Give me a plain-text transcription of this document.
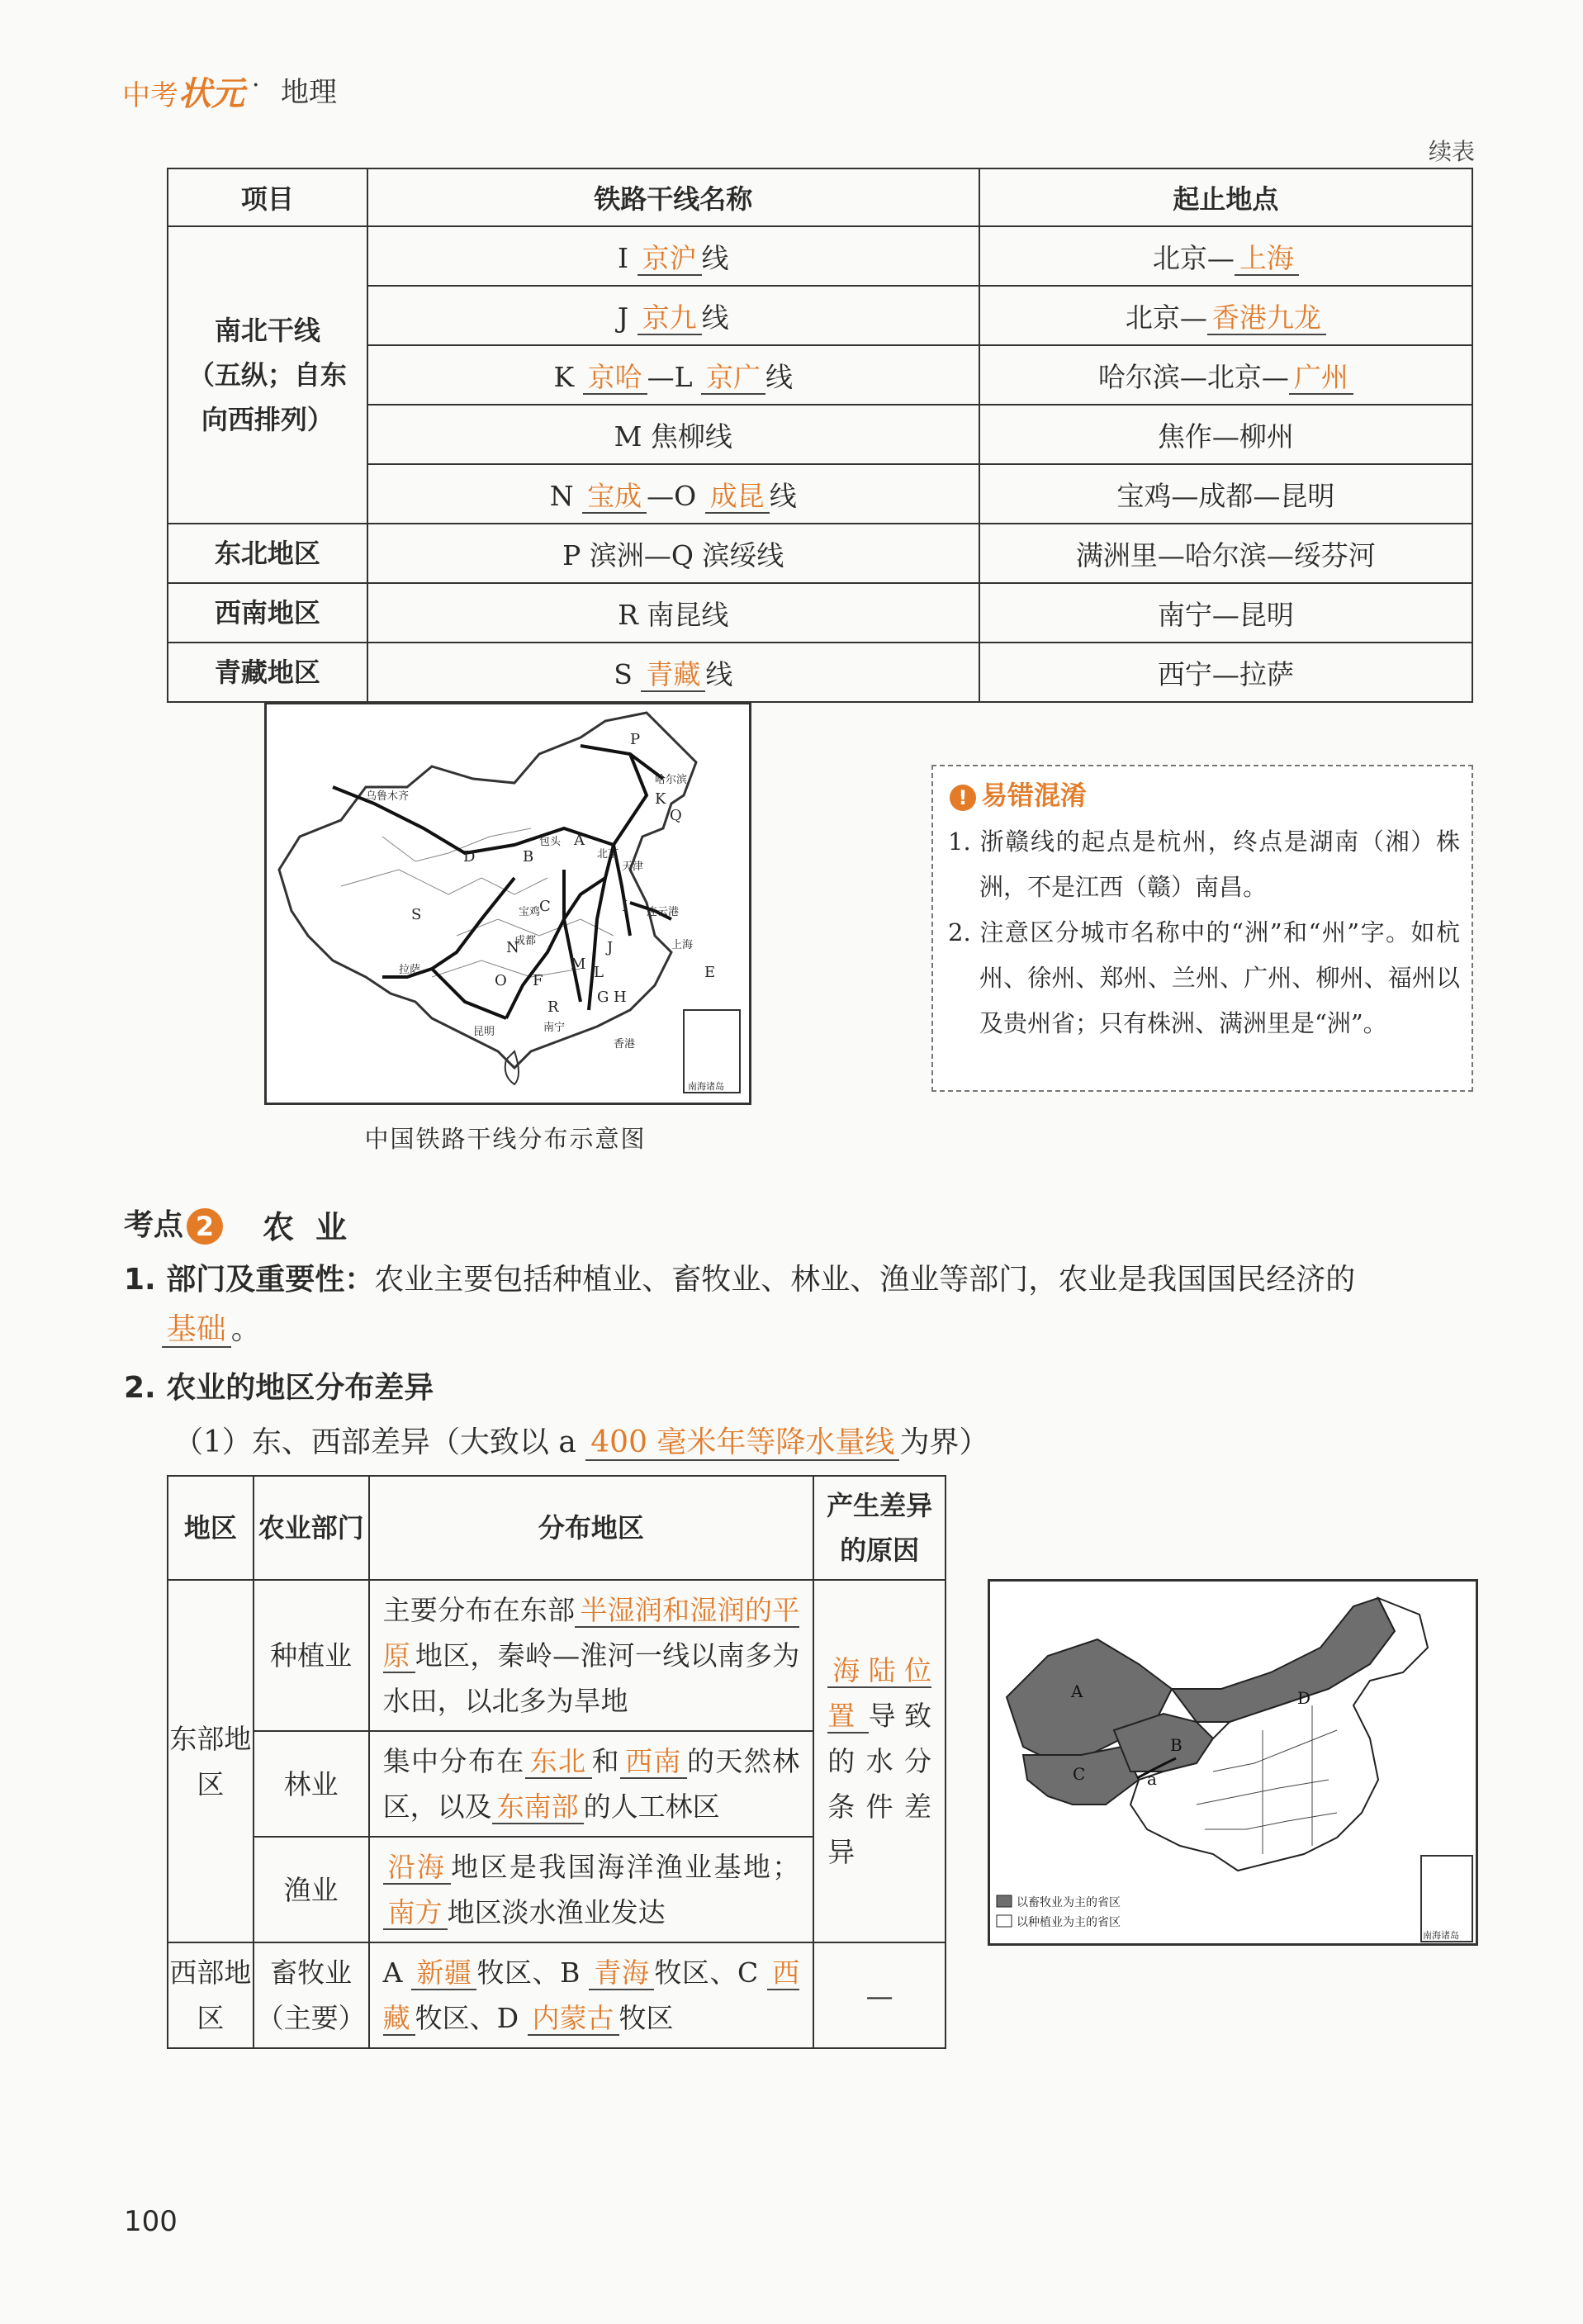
中考状元 · 地理
续表
项目	铁路干线名称	起止地点

南北干线
（五纵；自东
向西排列）	I 京沪 线	北京— 上海
	J 京九 线	北京— 香港九龙
	K 京哈 —L 京广 线	哈尔滨—北京— 广州
	M 焦柳线	焦作—柳州
	N 宝成 —O 成昆 线	宝鸡—成都—昆明
东北地区	P 滨洲—Q 滨绥线	满洲里—哈尔滨—绥芬河
西南地区	R 南昆线	南宁—昆明
青藏地区	S 青藏 线	西宁—拉萨
P
Q
A
B
C
D
E
F
G H
I
J
K
L
M
N
O
R
S
哈尔滨
乌鲁木齐
包头
北京
天津
连云港
上海
宝鸡
拉萨
成都
昆明	南宁
香港
南海诸岛
中国铁路干线分布示意图
! 易错混淆

1. 浙赣线的起点是杭州，终点是湖南（湘）株洲，不是江西（赣）南昌。

2. 注意区分城市名称中的“洲”和“州”字。如杭州、徐州、郑州、兰州、广州、柳州、福州以及贵州省；只有株洲、满洲里是“洲”。

考点 2	农业
1. 部门及重要性：农业主要包括种植业、畜牧业、林业、渔业等部门，农业是我国国民经济的
基础 。
2. 农业的地区分布差异
（1）东、西部差异（大致以 a 400 毫米年等降水量线 为界）
地区	农业部门	分布地区	产生差异的原因
东部地区	种植业	主要分布在东部 半湿润和湿润的平原 地区，秦岭—淮河一线以南多为水田，以北多为旱地	海陆位置 导致的水分条件差异
	林业	集中分布在 东北 和 西南 的天然林区，以及 东南部 的人工林区	
	渔业	沿海 地区是我国海洋渔业基地；南方 地区淡水渔业发达	
西部地区	畜牧业（主要）	A 新疆 牧区、B 青海 牧区、C 西藏 牧区、D 内蒙古 牧区	—
A
B
C
D
a
以畜牧业为主的省区
以种植业为主的省区
南海诸岛
100
